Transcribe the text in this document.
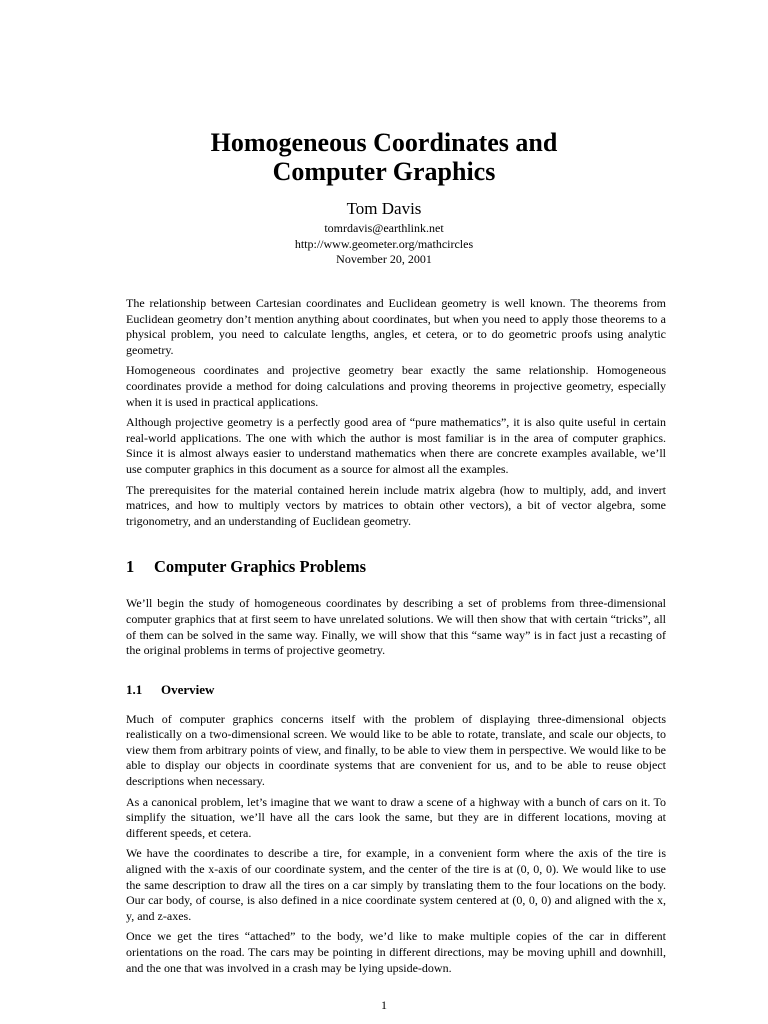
Homogeneous Coordinates and
Computer Graphics
Tom Davis
tomrdavis@earthlink.net
http://www.geometer.org/mathcircles
November 20, 2001

The relationship between Cartesian coordinates and Euclidean geometry is well known. The theorems from Euclidean geometry don’t mention anything about coordinates, but when you need to apply those theorems to a physical problem, you need to calculate lengths, angles, et cetera, or to do geometric proofs using analytic geometry.

Homogeneous coordinates and projective geometry bear exactly the same relationship. Homogeneous coordinates provide a method for doing calculations and proving theorems in projective geometry, especially when it is used in practical applications.

Although projective geometry is a perfectly good area of “pure mathematics”, it is also quite useful in certain real-world applications. The one with which the author is most familiar is in the area of computer graphics. Since it is almost always easier to understand mathematics when there are concrete examples available, we’ll use computer graphics in this document as a source for almost all the examples.

The prerequisites for the material contained herein include matrix algebra (how to multiply, add, and invert matrices, and how to multiply vectors by matrices to obtain other vectors), a bit of vector algebra, some trigonometry, and an understanding of Euclidean geometry.

1 Computer Graphics Problems

We’ll begin the study of homogeneous coordinates by describing a set of problems from three-dimensional computer graphics that at first seem to have unrelated solutions. We will then show that with certain “tricks”, all of them can be solved in the same way. Finally, we will show that this “same way” is in fact just a recasting of the original problems in terms of projective geometry.

1.1 Overview

Much of computer graphics concerns itself with the problem of displaying three-dimensional objects realistically on a two-dimensional screen. We would like to be able to rotate, translate, and scale our objects, to view them from arbitrary points of view, and finally, to be able to view them in perspective. We would like to be able to display our objects in coordinate systems that are convenient for us, and to be able to reuse object descriptions when necessary.

As a canonical problem, let’s imagine that we want to draw a scene of a highway with a bunch of cars on it. To simplify the situation, we’ll have all the cars look the same, but they are in different locations, moving at different speeds, et cetera.

We have the coordinates to describe a tire, for example, in a convenient form where the axis of the tire is aligned with the x-axis of our coordinate system, and the center of the tire is at (0, 0, 0). We would like to use the same description to draw all the tires on a car simply by translating them to the four locations on the body. Our car body, of course, is also defined in a nice coordinate system centered at (0, 0, 0) and aligned with the x, y, and z-axes.

Once we get the tires “attached” to the body, we’d like to make multiple copies of the car in different orientations on the road. The cars may be pointing in different directions, may be moving uphill and downhill, and the one that was involved in a crash may be lying upside-down.

1
